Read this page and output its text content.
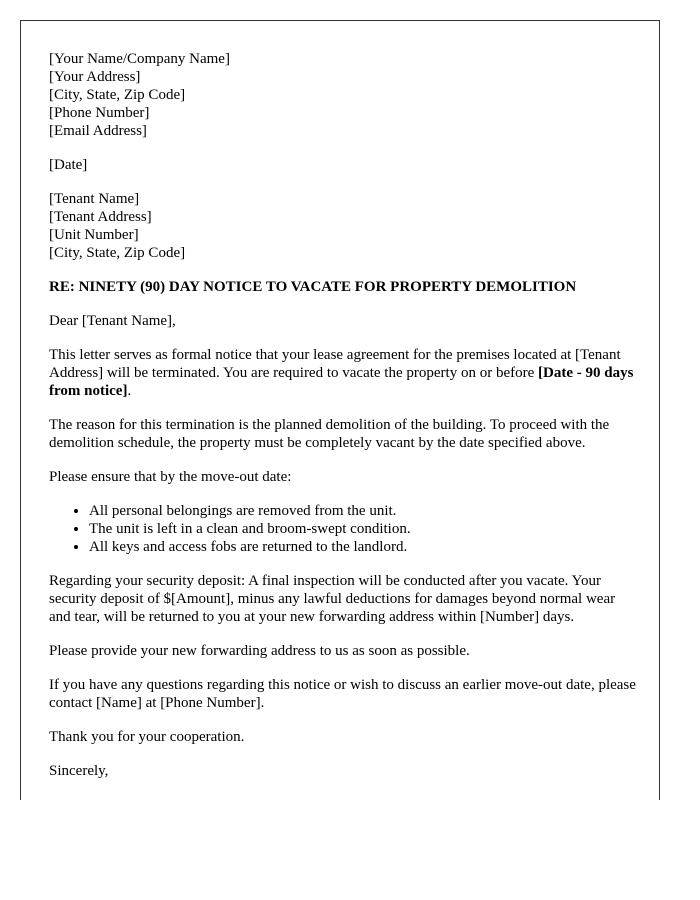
[Your Name/Company Name]
[Your Address]
[City, State, Zip Code]
[Phone Number]
[Email Address]
[Date]
[Tenant Name]
[Tenant Address]
[Unit Number]
[City, State, Zip Code]
RE: NINETY (90) DAY NOTICE TO VACATE FOR PROPERTY DEMOLITION

Dear [Tenant Name],

This letter serves as formal notice that your lease agreement for the premises located at [Tenant Address] will be terminated. You are required to vacate the property on or before [Date - 90 days from notice].

The reason for this termination is the planned demolition of the building. To proceed with the demolition schedule, the property must be completely vacant by the date specified above.

Please ensure that by the move-out date:

• All personal belongings are removed from the unit.
• The unit is left in a clean and broom-swept condition.
• All keys and access fobs are returned to the landlord.

Regarding your security deposit: A final inspection will be conducted after you vacate. Your security deposit of $[Amount], minus any lawful deductions for damages beyond normal wear and tear, will be returned to you at your new forwarding address within [Number] days.

Please provide your new forwarding address to us as soon as possible.

If you have any questions regarding this notice or wish to discuss an earlier move-out date, please contact [Name] at [Phone Number].

Thank you for your cooperation.

Sincerely,
